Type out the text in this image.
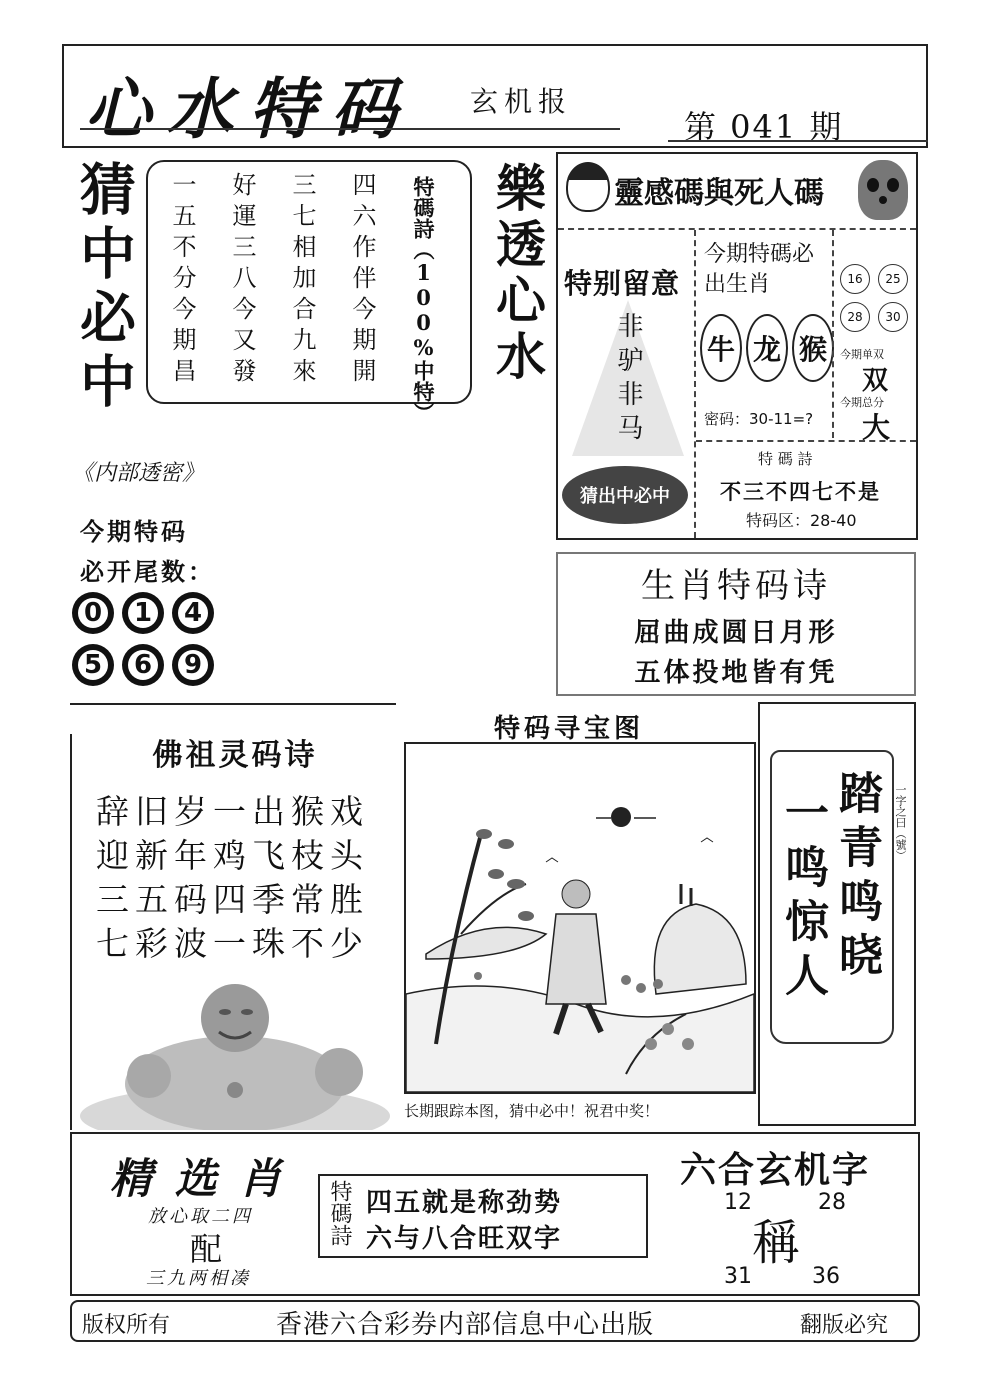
心水特码 玄机报
第 041 期
猜中必中 一五不分今期昌 好運三八今又發 三七相加合九來 四六作伴今期開 特碼詩（100%中特） 樂透心水 靈感碼與死人碼
特别留意
非驴非马
猜出中必中
今期特碼必出生肖
牛 龙 猴
密码：30-11=?
16	25
28	30
今期单双
双
今期总分
大
特 碼 詩
不三不四七不是
特码区：28-40
《内部透密》
今期特码
必开尾数：
0 1 4
5 6 9
生肖特码诗
屈曲成圆日月形
五体投地皆有凭
佛祖灵码诗
辞旧岁一出猴戏
迎新年鸡飞枝头
三五码四季常胜
七彩波一珠不少
特码寻宝图
长期跟踪本图，猜中必中！祝君中奖！
踏青鸣晓
一鸣惊人	一字之曰（號）
精 选 肖
放心取二四
配
三九两相凑
特碼詩 四五就是称劲势
六与八合旺双字
六合玄机字
12	28
稱
31	36
版权所有	香港六合彩券内部信息中心出版	翻版必究
